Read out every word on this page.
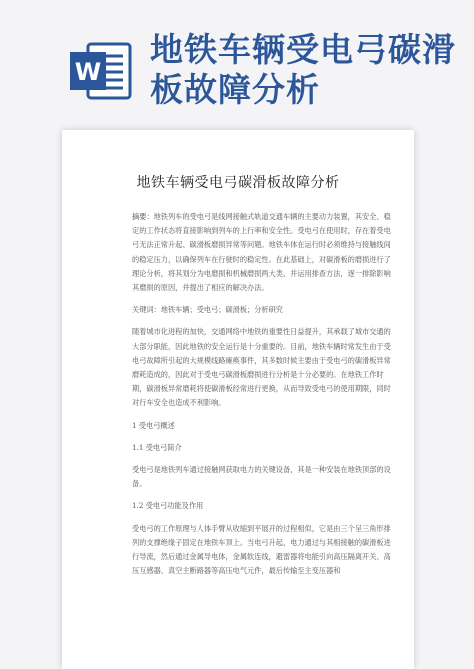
W
地铁车辆受电弓碳滑板故障分析
地铁车辆受电弓碳滑板故障分析

摘要：地铁列车的受电弓是线网接触式轨道交通车辆的主要动力装置，其安全、稳定的工作状态将直接影响到列车的上行率和安全性。受电弓在使用时，存在着受电弓无法正常升起、碳滑板磨损异常等问题。地铁车体在运行时必须维持与接触线间的稳定压力，以确保列车在行驶时的稳定性。在此基础上，对碳滑板的磨损进行了理论分析，将其划分为电磨损和机械磨损两大类，并运用排查方法，逐一排除影响其磨损的原因，并提出了相应的解决办法。

关键词：地铁车辆；受电弓；碳滑板；分析研究

随着城市化进程的加快，交通网络中地铁的重要性日益提升，其承载了城市交通的大部分职能，因此地铁的安全运行是十分重要的。目前，地铁车辆时常发生由于受电弓故障所引起的大规模线路瘫痪事件，其多数时候主要由于受电弓的碳滑板异常磨耗造成的，因此对于受电弓碳滑板磨损进行分析是十分必要的。在地铁工作时期，碳滑板异常磨耗将使碳滑板经常进行更换，从而导致受电弓的使用期限，同时对行车安全也造成不利影响。

1 受电弓概述
1.1 受电弓简介

受电弓是地铁列车通过接触网获取电力的关键设备，其是一种安装在地铁顶部的设备。

1.2 受电弓功能及作用

受电弓的工作原理与人体手臂从收缩到平展开的过程相似，它是由三个呈三角形排列的支撑绝缘子固定在地铁车顶上。当电弓升起，电力通过与其相接触的碳滑板进行导流，然后通过金属导电体，金属软连线，避雷器将电能引向高压隔离开关、高压互感器、真空主断路器等高压电气元件，最后传输至主变压器和
